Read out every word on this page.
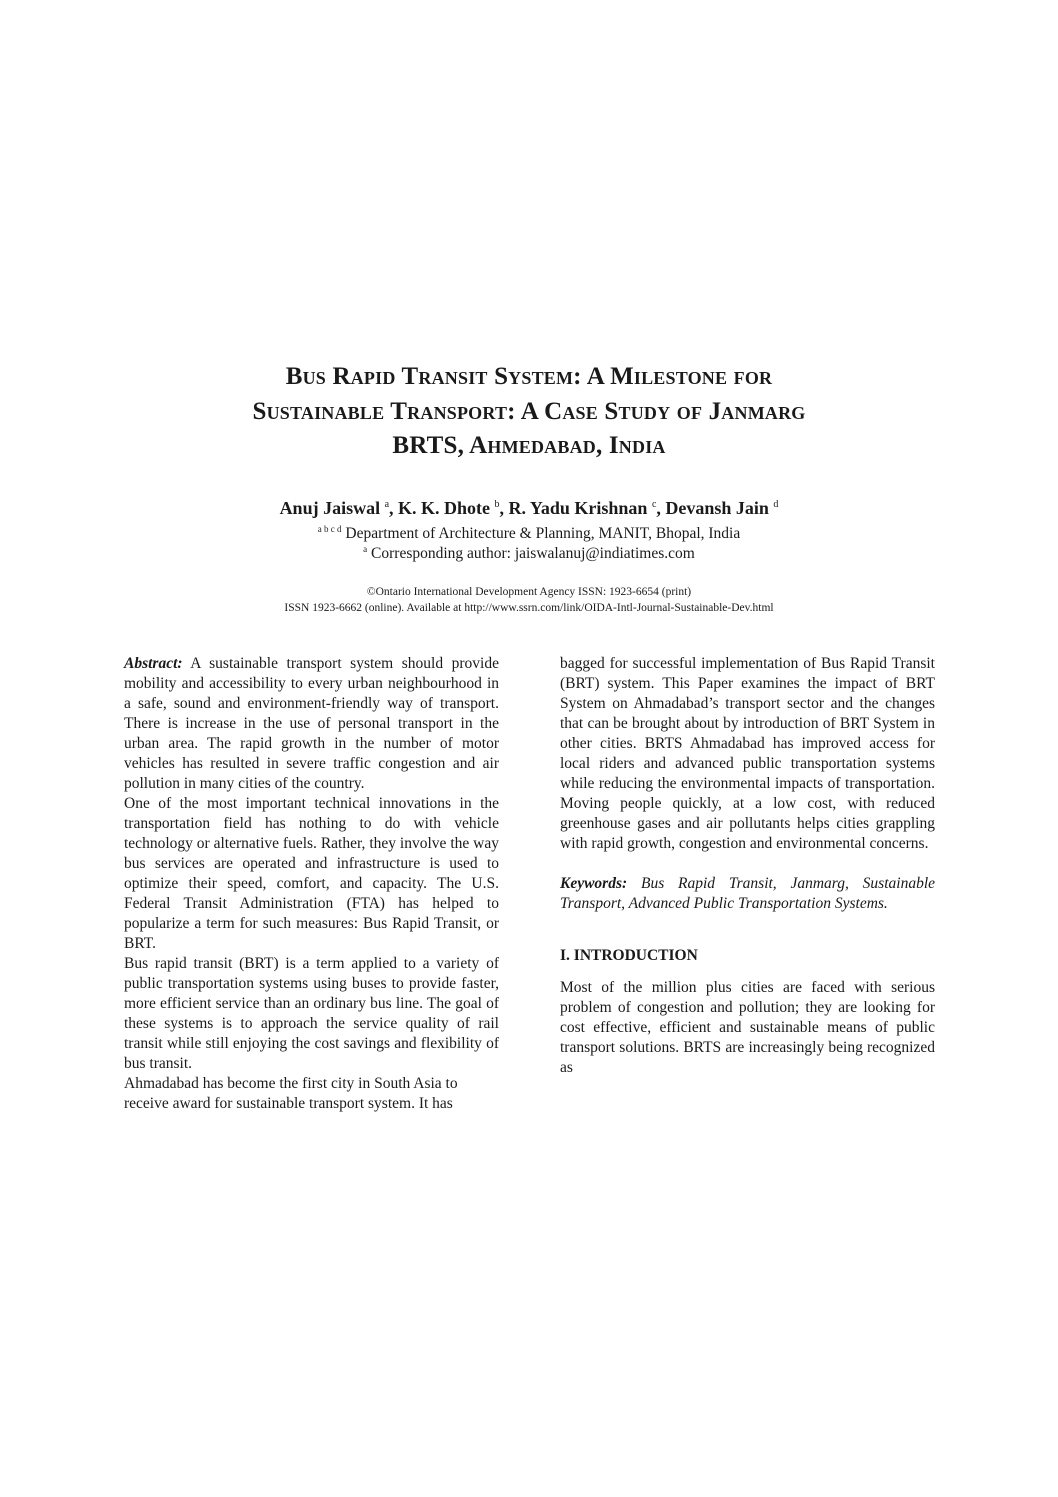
Bus Rapid Transit System: A Milestone for
Sustainable Transport: A Case Study of Janmarg
BRTS, Ahmedabad, India
Anuj Jaiswal $^a$, K. K. Dhote $^b$, R. Yadu Krishnan $^c$, Devansh Jain $^d$
$^{a b c d}$ Department of Architecture & Planning, MANIT, Bhopal, India
$^a$ Corresponding author: jaiswalanuj@indiatimes.com
©Ontario International Development Agency ISSN: 1923-6654 (print)
ISSN 1923-6662 (online). Available at http://www.ssrn.com/link/OIDA-Intl-Journal-Sustainable-Dev.html

Abstract: A sustainable transport system should provide mobility and accessibility to every urban neighbourhood in a safe, sound and environment-friendly way of transport. There is increase in the use of personal transport in the urban area. The rapid growth in the number of motor vehicles has resulted in severe traffic congestion and air pollution in many cities of the country.

One of the most important technical innovations in the transportation field has nothing to do with vehicle technology or alternative fuels. Rather, they involve the way bus services are operated and infrastructure is used to optimize their speed, comfort, and capacity. The U.S. Federal Transit Administration (FTA) has helped to popularize a term for such measures: Bus Rapid Transit, or BRT.

Bus rapid transit (BRT) is a term applied to a variety of public transportation systems using buses to provide faster, more efficient service than an ordinary bus line. The goal of these systems is to approach the service quality of rail transit while still enjoying the cost savings and flexibility of bus transit.

Ahmadabad has become the first city in South Asia to receive award for sustainable transport system. It has

bagged for successful implementation of Bus Rapid Transit (BRT) system. This Paper examines the impact of BRT System on Ahmadabad’s transport sector and the changes that can be brought about by introduction of BRT System in other cities. BRTS Ahmadabad has improved access for local riders and advanced public transportation systems while reducing the environmental impacts of transportation. Moving people quickly, at a low cost, with reduced greenhouse gases and air pollutants helps cities grappling with rapid growth, congestion and environmental concerns.

Keywords: Bus Rapid Transit, Janmarg, Sustainable Transport, Advanced Public Transportation Systems.

I. INTRODUCTION

Most of the million plus cities are faced with serious problem of congestion and pollution; they are looking for cost effective, efficient and sustainable means of public transport solutions. BRTS are increasingly being recognized as
